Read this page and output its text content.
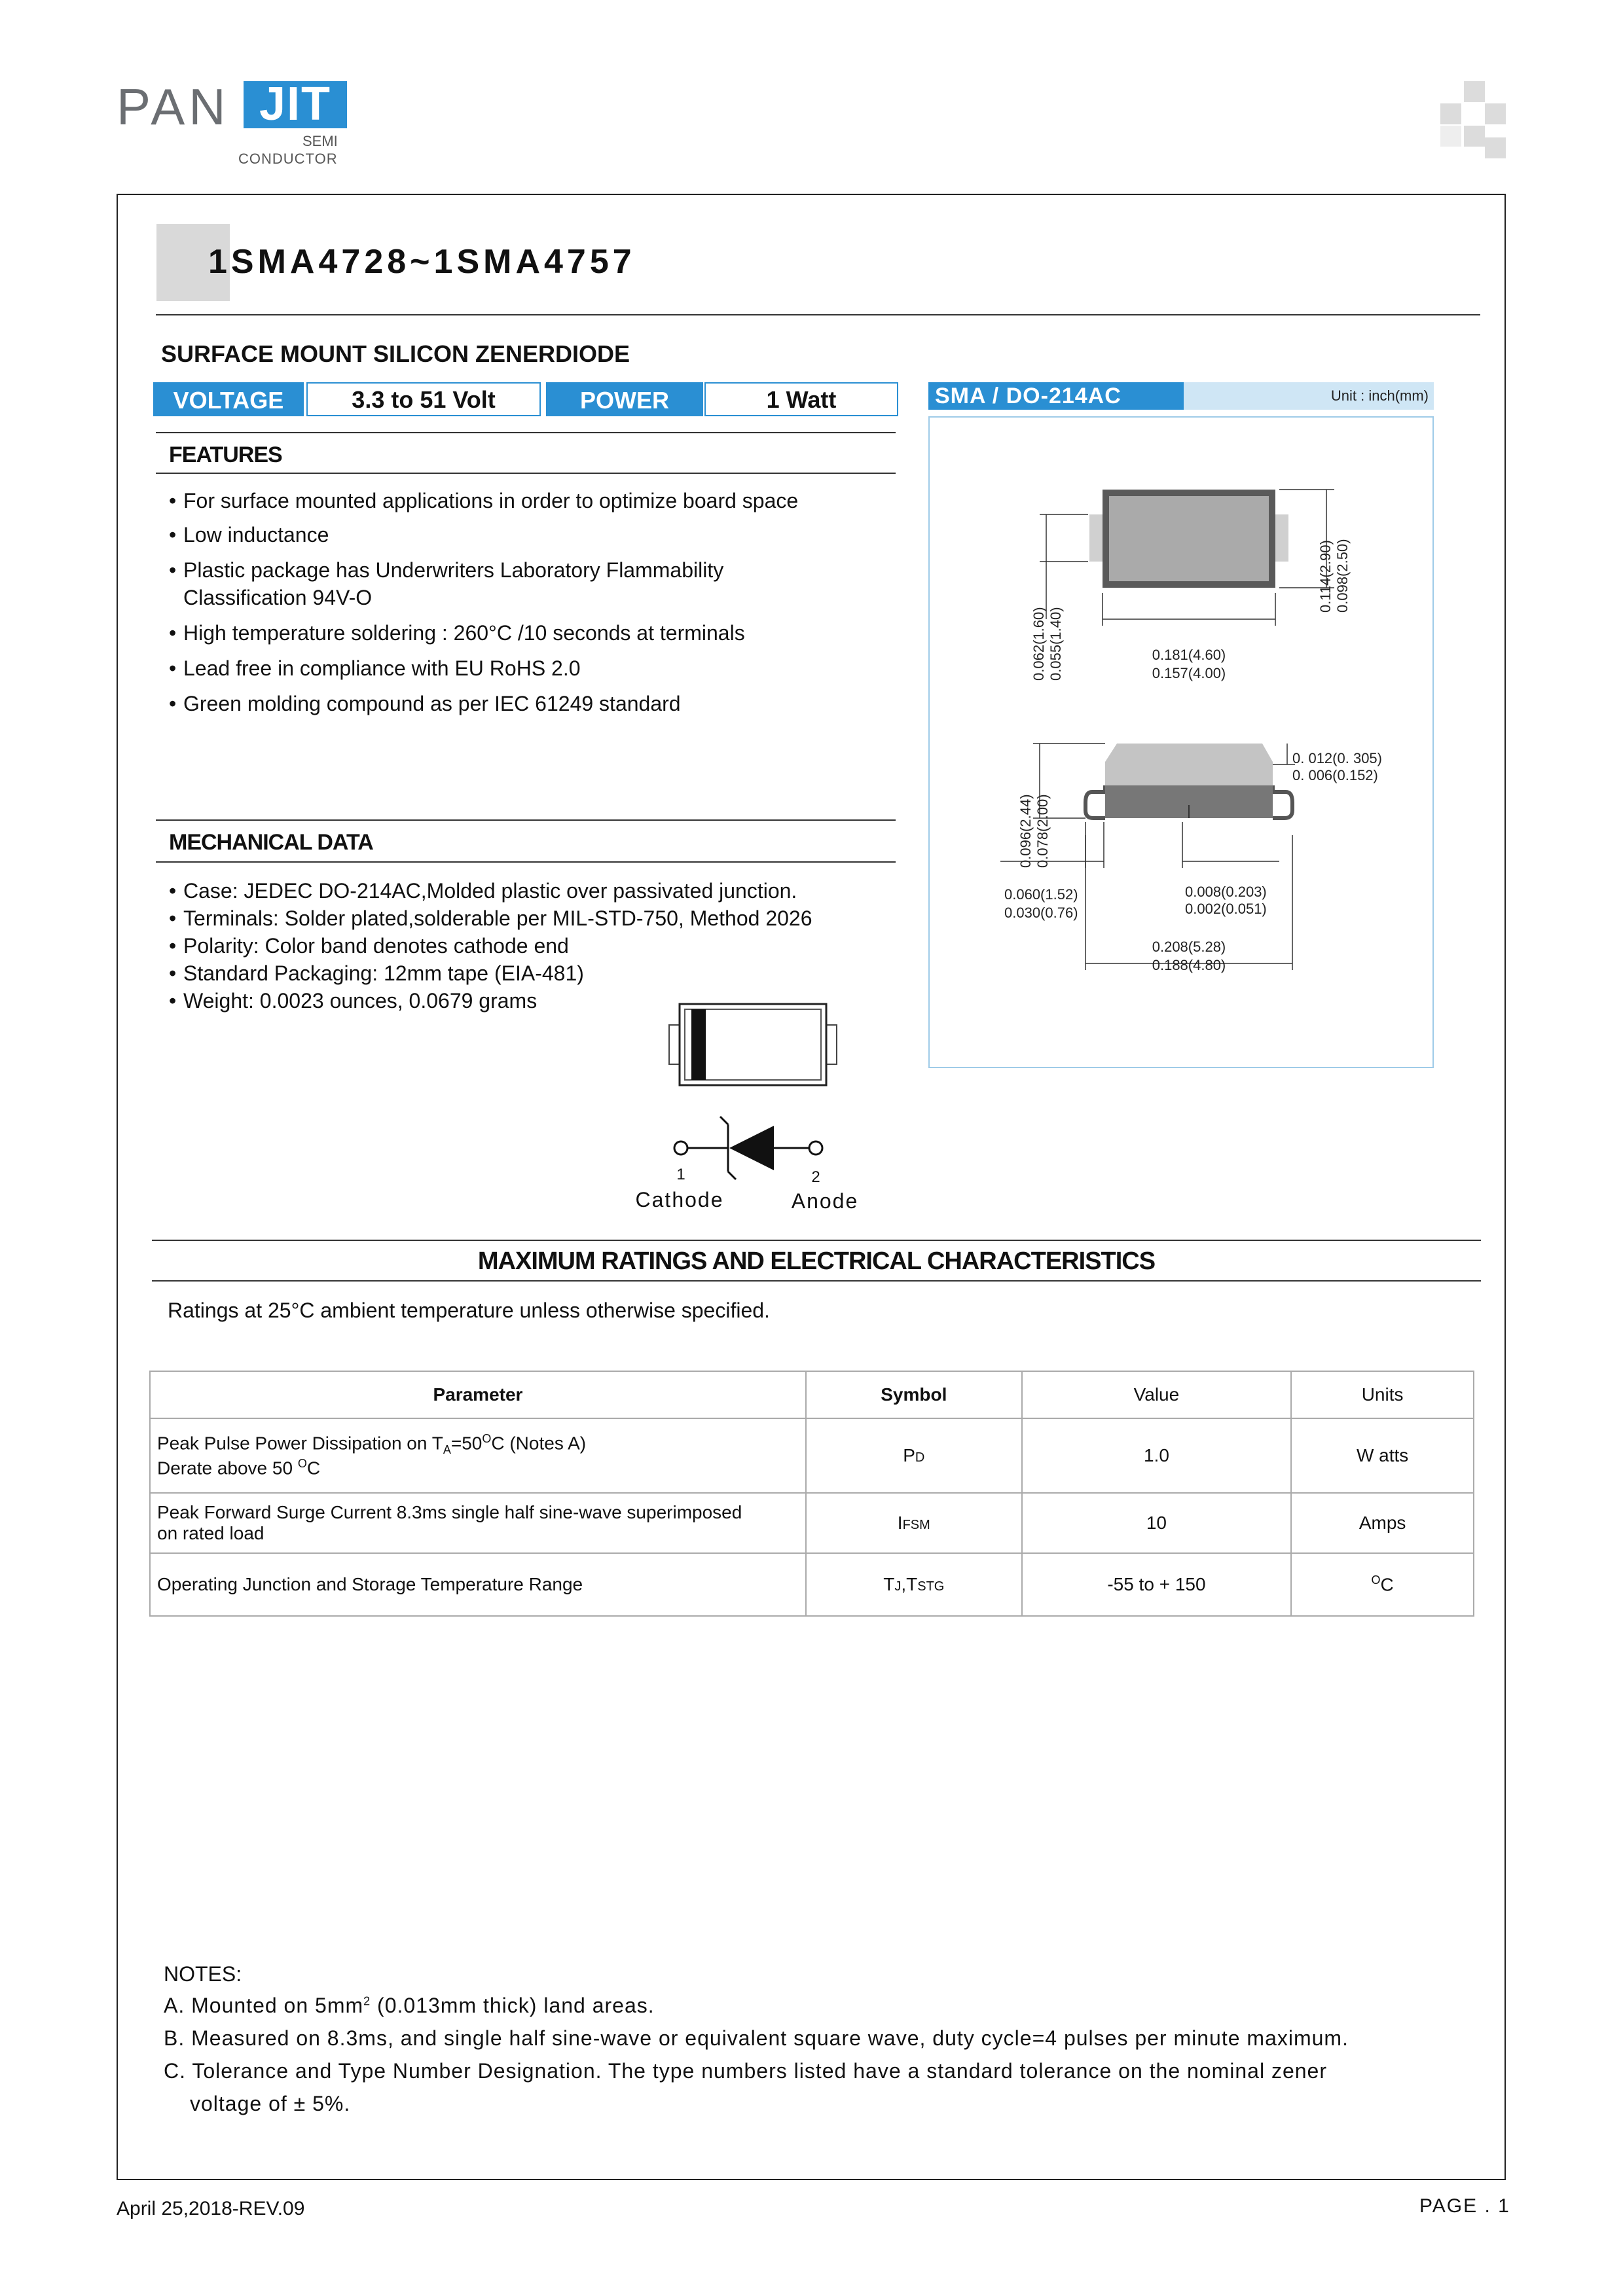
PAN JIT
SEMI
CONDUCTOR
1SMA4728~1SMA4757
SURFACE MOUNT SILICON ZENERDIODE
VOLTAGE	3.3 to 51 Volt	POWER	1 Watt	SMA / DO-214AC	Unit : inch(mm)
0.181(4.60)
0.157(4.00)
0.114(2.90) 0.098(2.50)
0.062(1.60) 0.055(1.40)
0. 012(0. 305)
0. 006(0.152)
0.096(2.44) 0.078(2.00)
0.060(1.52)
0.030(0.76)
0.008(0.203)
0.002(0.051)
0.208(5.28)
0.188(4.80)
FEATURES
• For surface mounted applications in order to optimize board space
• Low inductance
• Plastic package has Underwriters Laboratory Flammability
Classification 94V-O
• High temperature soldering : 260°C /10 seconds at terminals
• Lead free in compliance with EU RoHS 2.0
• Green molding compound as per IEC 61249 standard
MECHANICAL DATA
• Case: JEDEC DO-214AC,Molded plastic over passivated junction.
• Terminals: Solder plated,solderable per MIL-STD-750, Method 2026
• Polarity: Color band denotes cathode end
• Standard Packaging: 12mm tape (EIA-481)
• Weight: 0.0023 ounces, 0.0679 grams
1	2
Cathode	Anode
MAXIMUM RATINGS AND ELECTRICAL CHARACTERISTICS
Ratings at 25°C ambient temperature unless otherwise specified.
Parameter	Symbol	Value	Units
Peak Pulse Power Dissipation on $T_A=50^OC$ (Notes A)
Derate above 50 $^O$C	PD	1.0	W atts
Peak Forward Surge Current 8.3ms single half sine-wave superimposed
on rated load	IFSM	10	Amps
Operating Junction and Storage Temperature Range	TJ,TSTG	-55 to + 150	$^O$C
NOTES:
A. Mounted on $5mm^2$ (0.013mm thick) land areas.
B. Measured on 8.3ms, and single half sine-wave or equivalent square wave, duty cycle=4 pulses per minute maximum.
C. Tolerance and Type Number Designation. The type numbers listed have a standard tolerance on the nominal zener
voltage of ± 5%.
April 25,2018-REV.09	PAGE . 1
